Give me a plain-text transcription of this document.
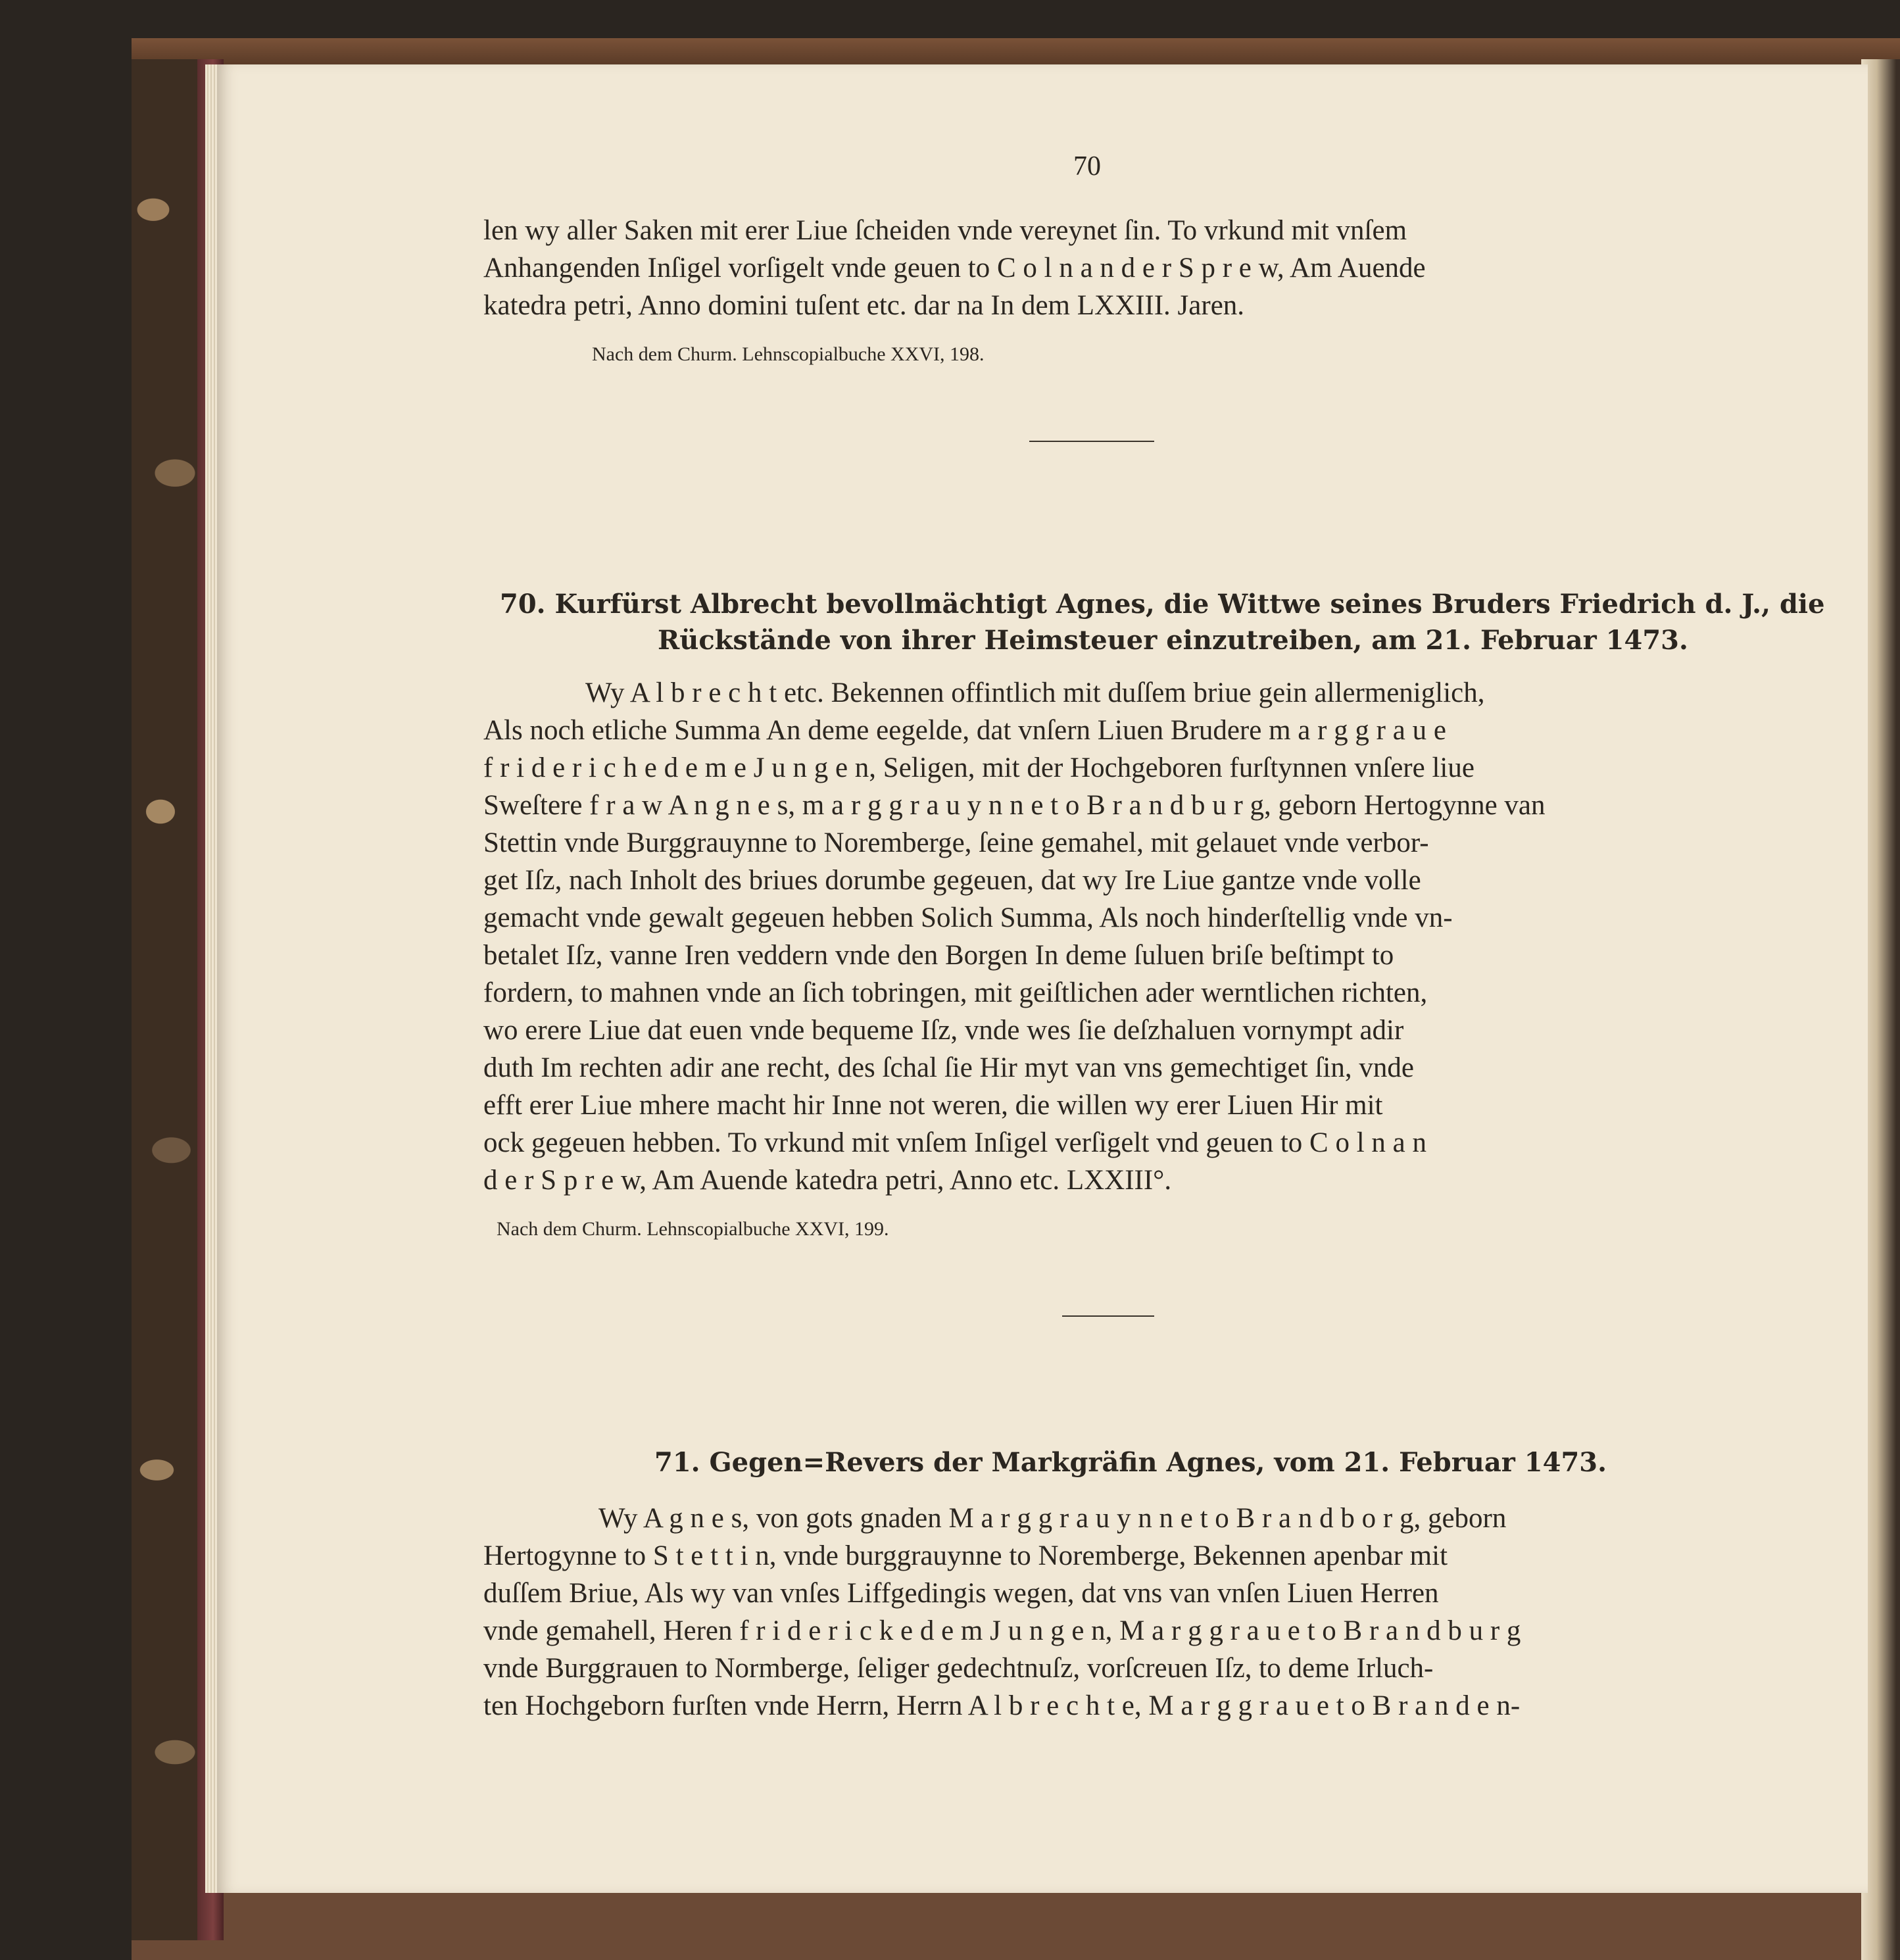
70
len wy aller Saken mit erer Liue ſcheiden vnde vereynet ſin. To vrkund mit vnſem
Anhangenden Inſigel vorſigelt vnde geuen to C o l n a n d e r S p r e w, Am Auende
katedra petri, Anno domini tuſent etc. dar na In dem LXXIII. Jaren.
Nach dem Churm. Lehnscopialbuche XXVI, 198.
70. Kurfürst Albrecht bevollmächtigt Agnes, die Wittwe seines Bruders Friedrich d. J., die
Rückstände von ihrer Heimsteuer einzutreiben, am 21. Februar 1473.
Wy A l b r e c h t etc. Bekennen offintlich mit duſſem briue gein allermeniglich,
Als noch etliche Summa An deme eegelde, dat vnſern Liuen Brudere m a r g g r a u e
f r i d e r i c h e d e m e J u n g e n, Seligen, mit der Hochgeboren furſtynnen vnſere liue
Sweſtere f r a w A n g n e s, m a r g g r a u y n n e t o B r a n d b u r g, geborn Hertogynne van
Stettin vnde Burggrauynne to Noremberge, ſeine gemahel, mit gelauet vnde verbor-
get Iſz, nach Inholt des briues dorumbe gegeuen, dat wy Ire Liue gantze vnde volle
gemacht vnde gewalt gegeuen hebben Solich Summa, Als noch hinderſtellig vnde vn-
betalet Iſz, vanne Iren veddern vnde den Borgen In deme ſuluen briſe beſtimpt to
fordern, to mahnen vnde an ſich tobringen, mit geiſtlichen ader werntlichen richten,
wo erere Liue dat euen vnde bequeme Iſz, vnde wes ſie deſzhaluen vornympt adir
duth Im rechten adir ane recht, des ſchal ſie Hir myt van vns gemechtiget ſin, vnde
efft erer Liue mhere macht hir Inne not weren, die willen wy erer Liuen Hir mit
ock gegeuen hebben. To vrkund mit vnſem Inſigel verſigelt vnd geuen to C o l n a n
d e r S p r e w, Am Auende katedra petri, Anno etc. LXXIII°.
Nach dem Churm. Lehnscopialbuche XXVI, 199.
71. Gegen=Revers der Markgräfin Agnes, vom 21. Februar 1473.
Wy A g n e s, von gots gnaden M a r g g r a u y n n e t o B r a n d b o r g, geborn
Hertogynne to S t e t t i n, vnde burggrauynne to Noremberge, Bekennen apenbar mit
duſſem Briue, Als wy van vnſes Liffgedingis wegen, dat vns van vnſen Liuen Herren
vnde gemahell, Heren f r i d e r i c k e d e m J u n g e n, M a r g g r a u e t o B r a n d b u r g
vnde Burggrauen to Normberge, ſeliger gedechtnuſz, vorſcreuen Iſz, to deme Irluch-
ten Hochgeborn furſten vnde Herrn, Herrn A l b r e c h t e, M a r g g r a u e t o B r a n d e n-
